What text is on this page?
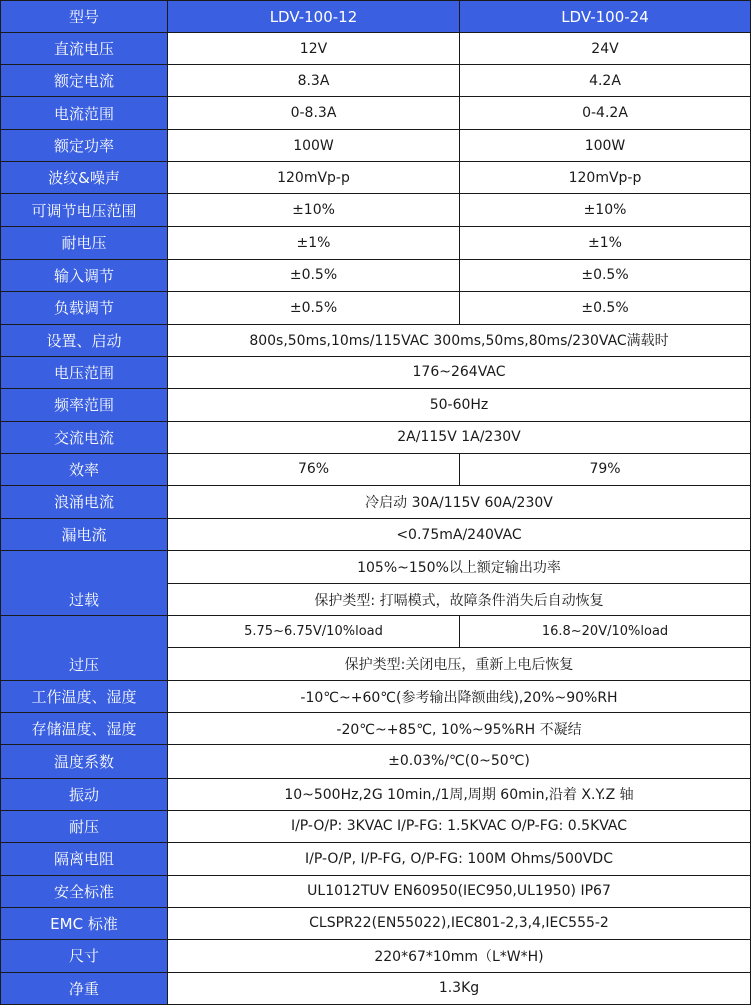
型号	LDV-100-12	LDV-100-24
直流电压	12V	24V
额定电流	8.3A	4.2A
电流范围	0-8.3A	0-4.2A
额定功率	100W	100W
波纹&噪声	120mVp-p	120mVp-p
可调节电压范围	±10%	±10%
耐电压	±1%	±1%
输入调节	±0.5%	±0.5%
负载调节	±0.5%	±0.5%
设置、启动	800s,50ms,10ms/115VAC 300ms,50ms,80ms/230VAC满载时	
电压范围	176~264VAC	
频率范围	50-60Hz	
交流电流	2A/115V 1A/230V	
效率	76%	79%
浪涌电流	冷启动 30A/115V 60A/230V	
漏电流	<0.75mA/240VAC	
过载	105%~150%以上额定输出功率	
	保护类型: 打嗝模式，故障条件消失后自动恢复	
过压	5.75~6.75V/10%load	16.8~20V/10%load
	保护类型:关闭电压，重新上电后恢复	
工作温度、湿度	-10℃~+60℃(参考输出降额曲线),20%~90%RH	
存储温度、湿度	-20℃~+85℃, 10%~95%RH 不凝结	
温度系数	±0.03%/℃(0~50℃)	
振动	10~500Hz,2G 10min,/1周,周期 60min,沿着 X.Y.Z 轴	
耐压	I/P-O/P: 3KVAC I/P-FG: 1.5KVAC O/P-FG: 0.5KVAC	
隔离电阻	I/P-O/P, I/P-FG, O/P-FG: 100M Ohms/500VDC	
安全标准	UL1012TUV EN60950(IEC950,UL1950) IP67	
EMC 标准	CLSPR22(EN55022),IEC801-2,3,4,IEC555-2	
尺寸	220*67*10mm（L*W*H)	
净重	1.3Kg	
